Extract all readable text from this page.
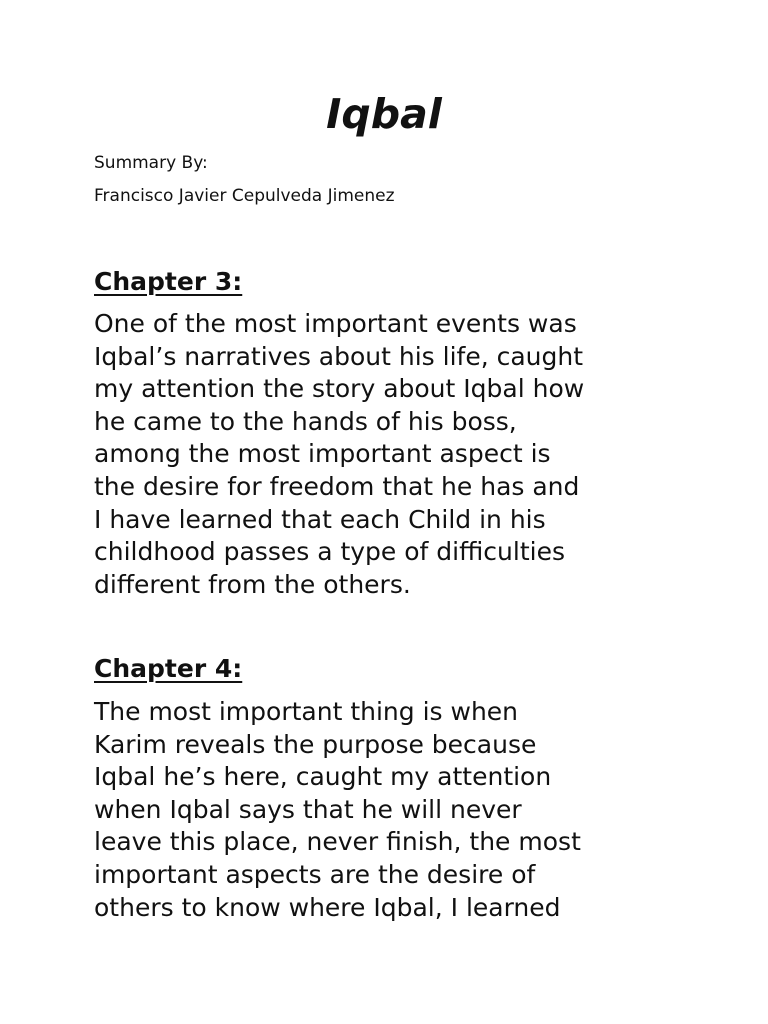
Iqbal

Summary By:

Francisco Javier Cepulveda Jimenez

Chapter 3:
One of the most important events was
Iqbal’s narratives about his life, caught
my attention the story about Iqbal how
he came to the hands of his boss,
among the most important aspect is
the desire for freedom that he has and
I have learned that each Child in his
childhood passes a type of difficulties
different from the others.
Chapter 4:
The most important thing is when
Karim reveals the purpose because
Iqbal he’s here, caught my attention
when Iqbal says that he will never
leave this place, never finish, the most
important aspects are the desire of
others to know where Iqbal, I learned
